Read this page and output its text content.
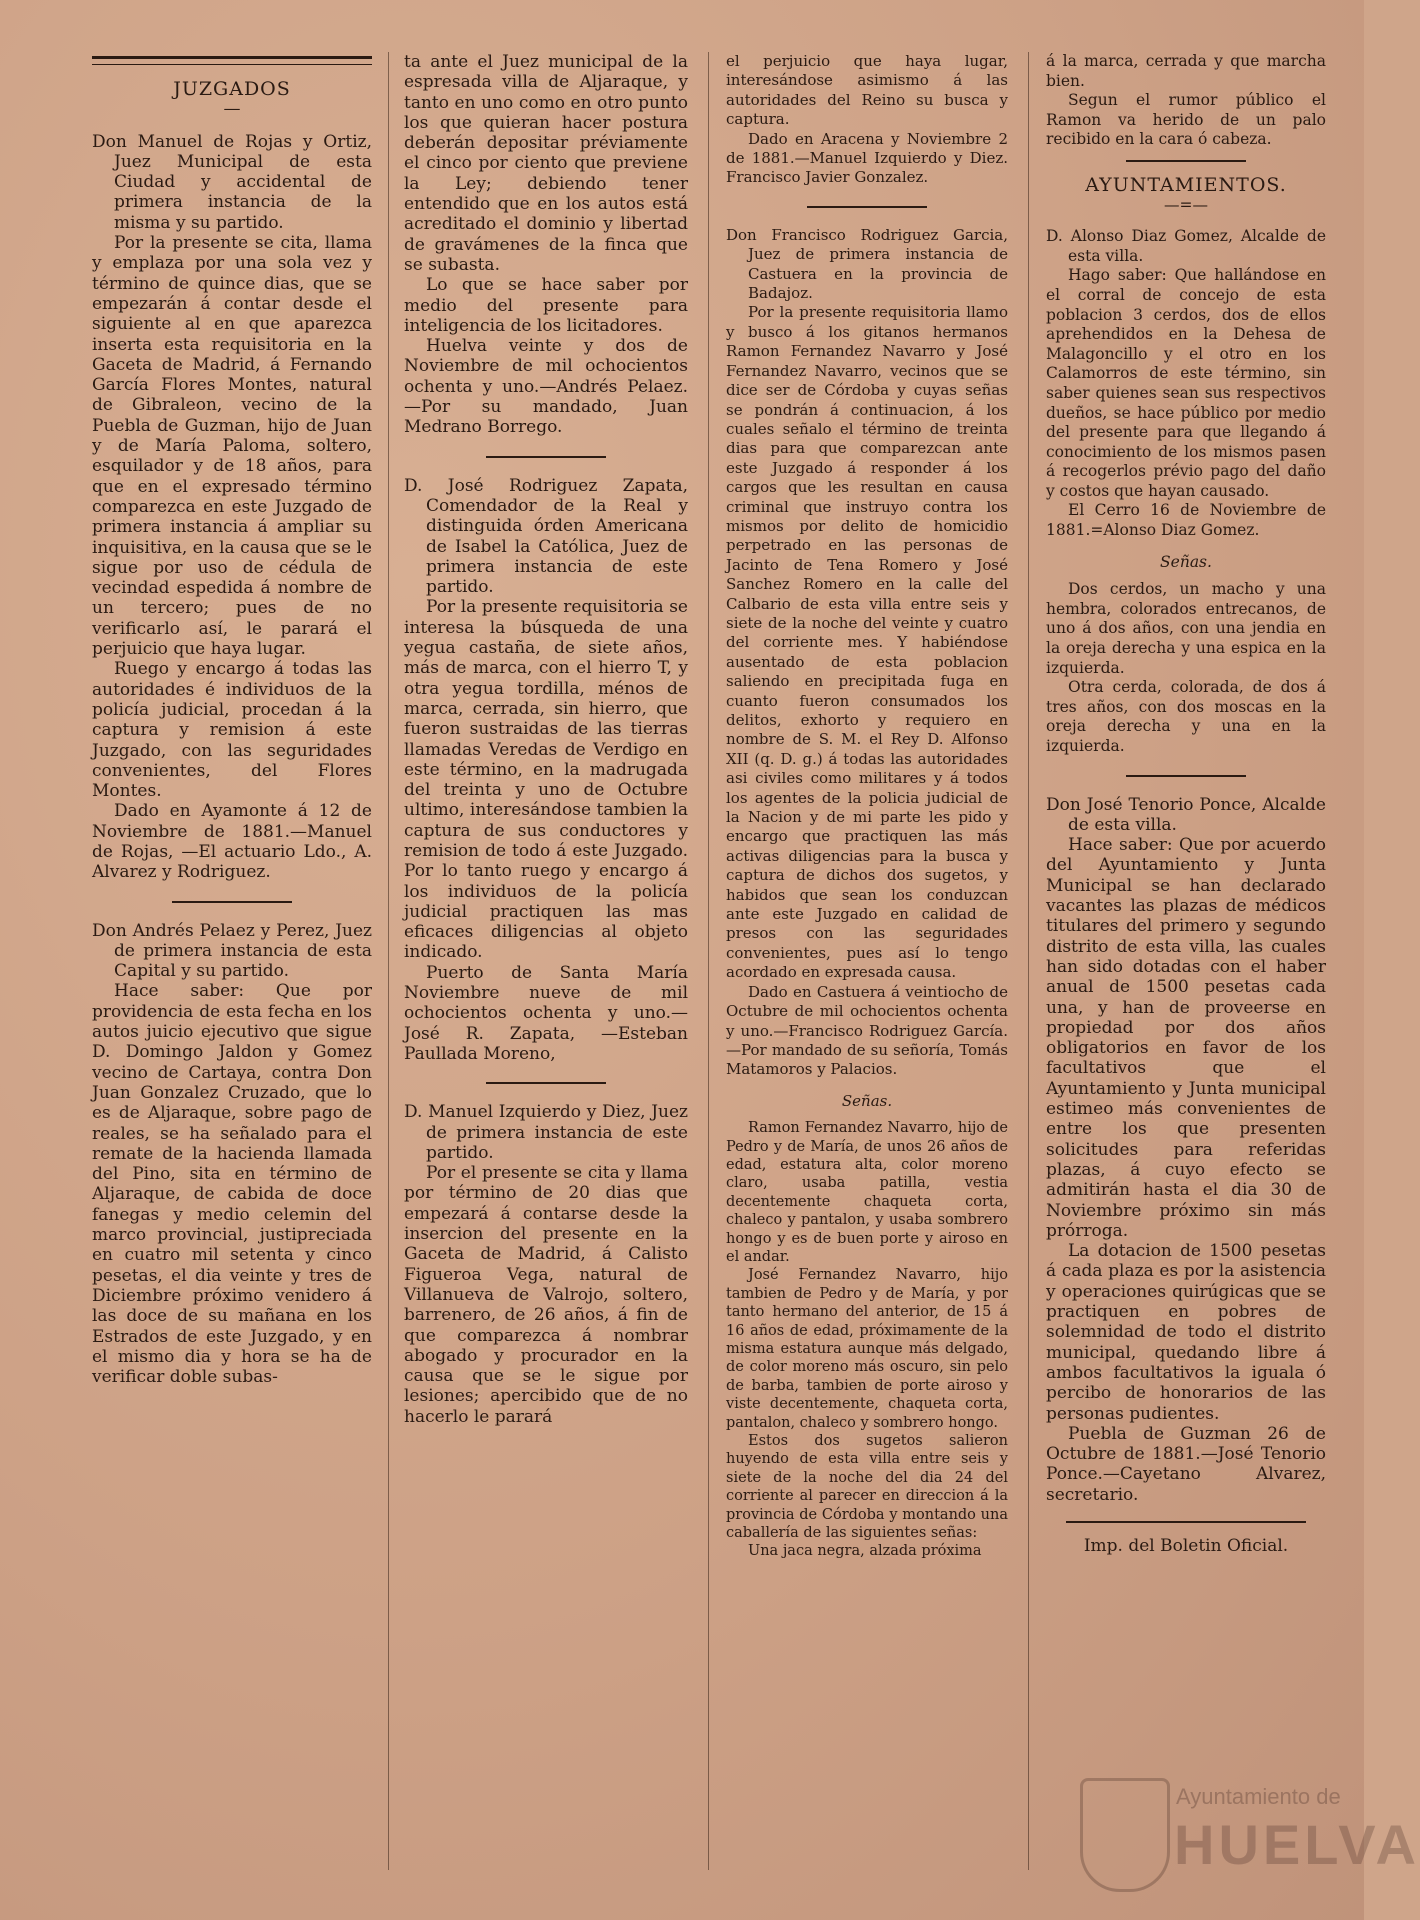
JUZGADOS

—

Don Manuel de Rojas y Ortiz, Juez Municipal de esta Ciudad y accidental de primera instancia de la misma y su partido.

Por la presente se cita, llama y emplaza por una sola vez y término de quince dias, que se empezarán á contar desde el siguiente al en que aparezca inserta esta requisitoria en la Gaceta de Madrid, á Fernando García Flores Montes, natural de Gibraleon, vecino de la Puebla de Guzman, hijo de Juan y de María Paloma, soltero, esquilador y de 18 años, para que en el expresado término comparezca en este Juzgado de primera instancia á ampliar su inquisitiva, en la causa que se le sigue por uso de cédula de vecindad espedida á nombre de un tercero; pues de no verificarlo así, le parará el perjuicio que haya lugar.

Ruego y encargo á todas las autoridades é individuos de la policía judicial, procedan á la captura y remision á este Juzgado, con las seguridades convenientes, del Flores Montes.

Dado en Ayamonte á 12 de Noviembre de 1881.—Manuel de Rojas, —El actuario Ldo., A. Alvarez y Rodriguez.

Don Andrés Pelaez y Perez, Juez de primera instancia de esta Capital y su partido.

Hace saber: Que por providencia de esta fecha en los autos juicio ejecutivo que sigue D. Domingo Jaldon y Gomez vecino de Cartaya, contra Don Juan Gonzalez Cruzado, que lo es de Aljaraque, sobre pago de reales, se ha señalado para el remate de la hacienda llamada del Pino, sita en término de Aljaraque, de cabida de doce fanegas y medio celemin del marco provincial, justipreciada en cuatro mil setenta y cinco pesetas, el dia veinte y tres de Diciembre próximo venidero á las doce de su mañana en los Estrados de este Juzgado, y en el mismo dia y hora se ha de verificar doble subas-

ta ante el Juez municipal de la espresada villa de Aljaraque, y tanto en uno como en otro punto los que quieran hacer postura deberán depositar préviamente el cinco por ciento que previene la Ley; debiendo tener entendido que en los autos está acreditado el dominio y libertad de gravámenes de la finca que se subasta.

Lo que se hace saber por medio del presente para inteligencia de los licitadores.

Huelva veinte y dos de Noviembre de mil ochocientos ochenta y uno.—Andrés Pelaez.—Por su mandado, Juan Medrano Borrego.

D. José Rodriguez Zapata, Comendador de la Real y distinguida órden Americana de Isabel la Católica, Juez de primera instancia de este partido.

Por la presente requisitoria se interesa la búsqueda de una yegua castaña, de siete años, más de marca, con el hierro T, y otra yegua tordilla, ménos de marca, cerrada, sin hierro, que fueron sustraidas de las tierras llamadas Veredas de Verdigo en este término, en la madrugada del treinta y uno de Octubre ultimo, interesándose tambien la captura de sus conductores y remision de todo á este Juzgado. Por lo tanto ruego y encargo á los individuos de la policía judicial practiquen las mas eficaces diligencias al objeto indicado.

Puerto de Santa María Noviembre nueve de mil ochocientos ochenta y uno.—José R. Zapata, —Esteban Paullada Moreno,

D. Manuel Izquierdo y Diez, Juez de primera instancia de este partido.

Por el presente se cita y llama por término de 20 dias que empezará á contarse desde la insercion del presente en la Gaceta de Madrid, á Calisto Figueroa Vega, natural de Villanueva de Valrojo, soltero, barrenero, de 26 años, á fin de que comparezca á nombrar abogado y procurador en la causa que se le sigue por lesiones; apercibido que de no hacerlo le parará

el perjuicio que haya lugar, interesándose asimismo á las autoridades del Reino su busca y captura.

Dado en Aracena y Noviembre 2 de 1881.—Manuel Izquierdo y Diez. Francisco Javier Gonzalez.

Don Francisco Rodriguez Garcia, Juez de primera instancia de Castuera en la provincia de Badajoz.

Por la presente requisitoria llamo y busco á los gitanos hermanos Ramon Fernandez Navarro y José Fernandez Navarro, vecinos que se dice ser de Córdoba y cuyas señas se pondrán á continuacion, á los cuales señalo el término de treinta dias para que comparezcan ante este Juzgado á responder á los cargos que les resultan en causa criminal que instruyo contra los mismos por delito de homicidio perpetrado en las personas de Jacinto de Tena Romero y José Sanchez Romero en la calle del Calbario de esta villa entre seis y siete de la noche del veinte y cuatro del corriente mes. Y habiéndose ausentado de esta poblacion saliendo en precipitada fuga en cuanto fueron consumados los delitos, exhorto y requiero en nombre de S. M. el Rey D. Alfonso XII (q. D. g.) á todas las autoridades asi civiles como militares y á todos los agentes de la policia judicial de la Nacion y de mi parte les pido y encargo que practiquen las más activas diligencias para la busca y captura de dichos dos sugetos, y habidos que sean los conduzcan ante este Juzgado en calidad de presos con las seguridades convenientes, pues así lo tengo acordado en expresada causa.

Dado en Castuera á veintiocho de Octubre de mil ochocientos ochenta y uno.—Francisco Rodriguez García.—Por mandado de su señoría, Tomás Matamoros y Palacios.

Señas.

Ramon Fernandez Navarro, hijo de Pedro y de María, de unos 26 años de edad, estatura alta, color moreno claro, usaba patilla, vestia decentemente chaqueta corta, chaleco y pantalon, y usaba sombrero hongo y es de buen porte y airoso en el andar.

José Fernandez Navarro, hijo tambien de Pedro y de María, y por tanto hermano del anterior, de 15 á 16 años de edad, próximamente de la misma estatura aunque más delgado, de color moreno más oscuro, sin pelo de barba, tambien de porte airoso y viste decentemente, chaqueta corta, pantalon, chaleco y sombrero hongo.

Estos dos sugetos salieron huyendo de esta villa entre seis y siete de la noche del dia 24 del corriente al parecer en direccion á la provincia de Córdoba y montando una caballería de las siguientes señas:

Una jaca negra, alzada próxima

á la marca, cerrada y que marcha bien.

Segun el rumor público el Ramon va herido de un palo recibido en la cara ó cabeza.

AYUNTAMIENTOS.

—=—

D. Alonso Diaz Gomez, Alcalde de esta villa.

Hago saber: Que hallándose en el corral de concejo de esta poblacion 3 cerdos, dos de ellos aprehendidos en la Dehesa de Malagoncillo y el otro en los Calamorros de este término, sin saber quienes sean sus respectivos dueños, se hace público por medio del presente para que llegando á conocimiento de los mismos pasen á recogerlos prévio pago del daño y costos que hayan causado.

El Cerro 16 de Noviembre de 1881.=Alonso Diaz Gomez.

Señas.

Dos cerdos, un macho y una hembra, colorados entrecanos, de uno á dos años, con una jendia en la oreja derecha y una espica en la izquierda.

Otra cerda, colorada, de dos á tres años, con dos moscas en la oreja derecha y una en la izquierda.

Don José Tenorio Ponce, Alcalde de esta villa.

Hace saber: Que por acuerdo del Ayuntamiento y Junta Municipal se han declarado vacantes las plazas de médicos titulares del primero y segundo distrito de esta villa, las cuales han sido dotadas con el haber anual de 1500 pesetas cada una, y han de proveerse en propiedad por dos años obligatorios en favor de los facultativos que el Ayuntamiento y Junta municipal estimeo más convenientes de entre los que presenten solicitudes para referidas plazas, á cuyo efecto se admitirán hasta el dia 30 de Noviembre próximo sin más prórroga.

La dotacion de 1500 pesetas á cada plaza es por la asistencia y operaciones quirúgicas que se practiquen en pobres de solemnidad de todo el distrito municipal, quedando libre á ambos facultativos la iguala ó percibo de honorarios de las personas pudientes.

Puebla de Guzman 26 de Octubre de 1881.—José Tenorio Ponce.—Cayetano Alvarez, secretario.

Imp. del Boletin Oficial.

Ayuntamiento de
HUELVA
